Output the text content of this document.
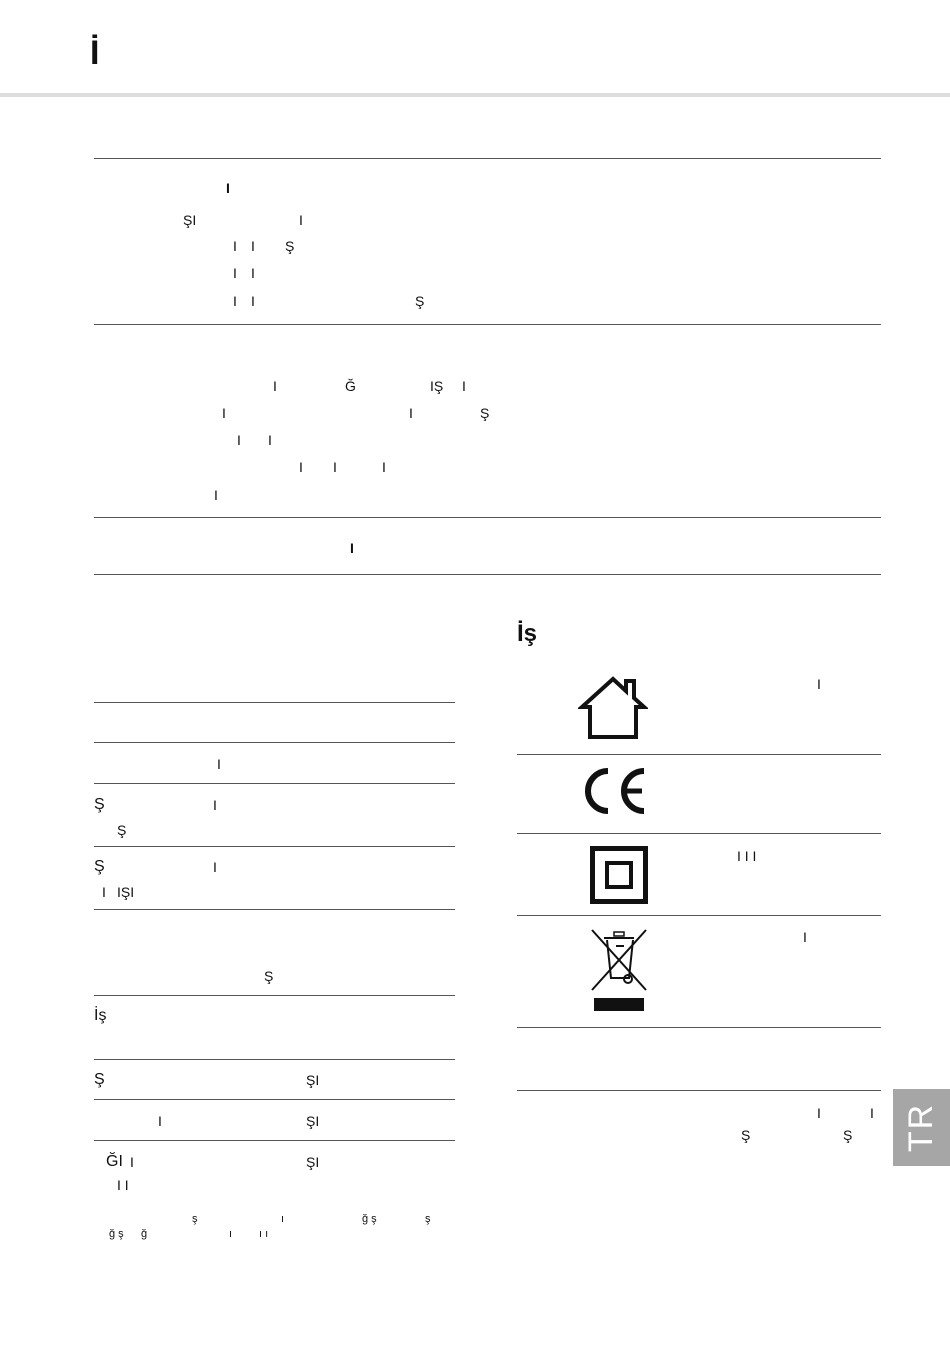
İ
I
ŞI	I
I I Ş
I I
I I	Ş
I	Ğ	IŞ I
I	I	Ş
I I
I I	I
I
I
I
Ş	I
Ş
Ş	I
I IŞI
Ş
İş
Ş	ŞI
I	ŞI
ĞI I	ŞI
I I
ş	ı	ğ ş	ş
ğ ş ğ	ı ı ı
İş
I
I I I
I
I	I
Ş	Ş TR
